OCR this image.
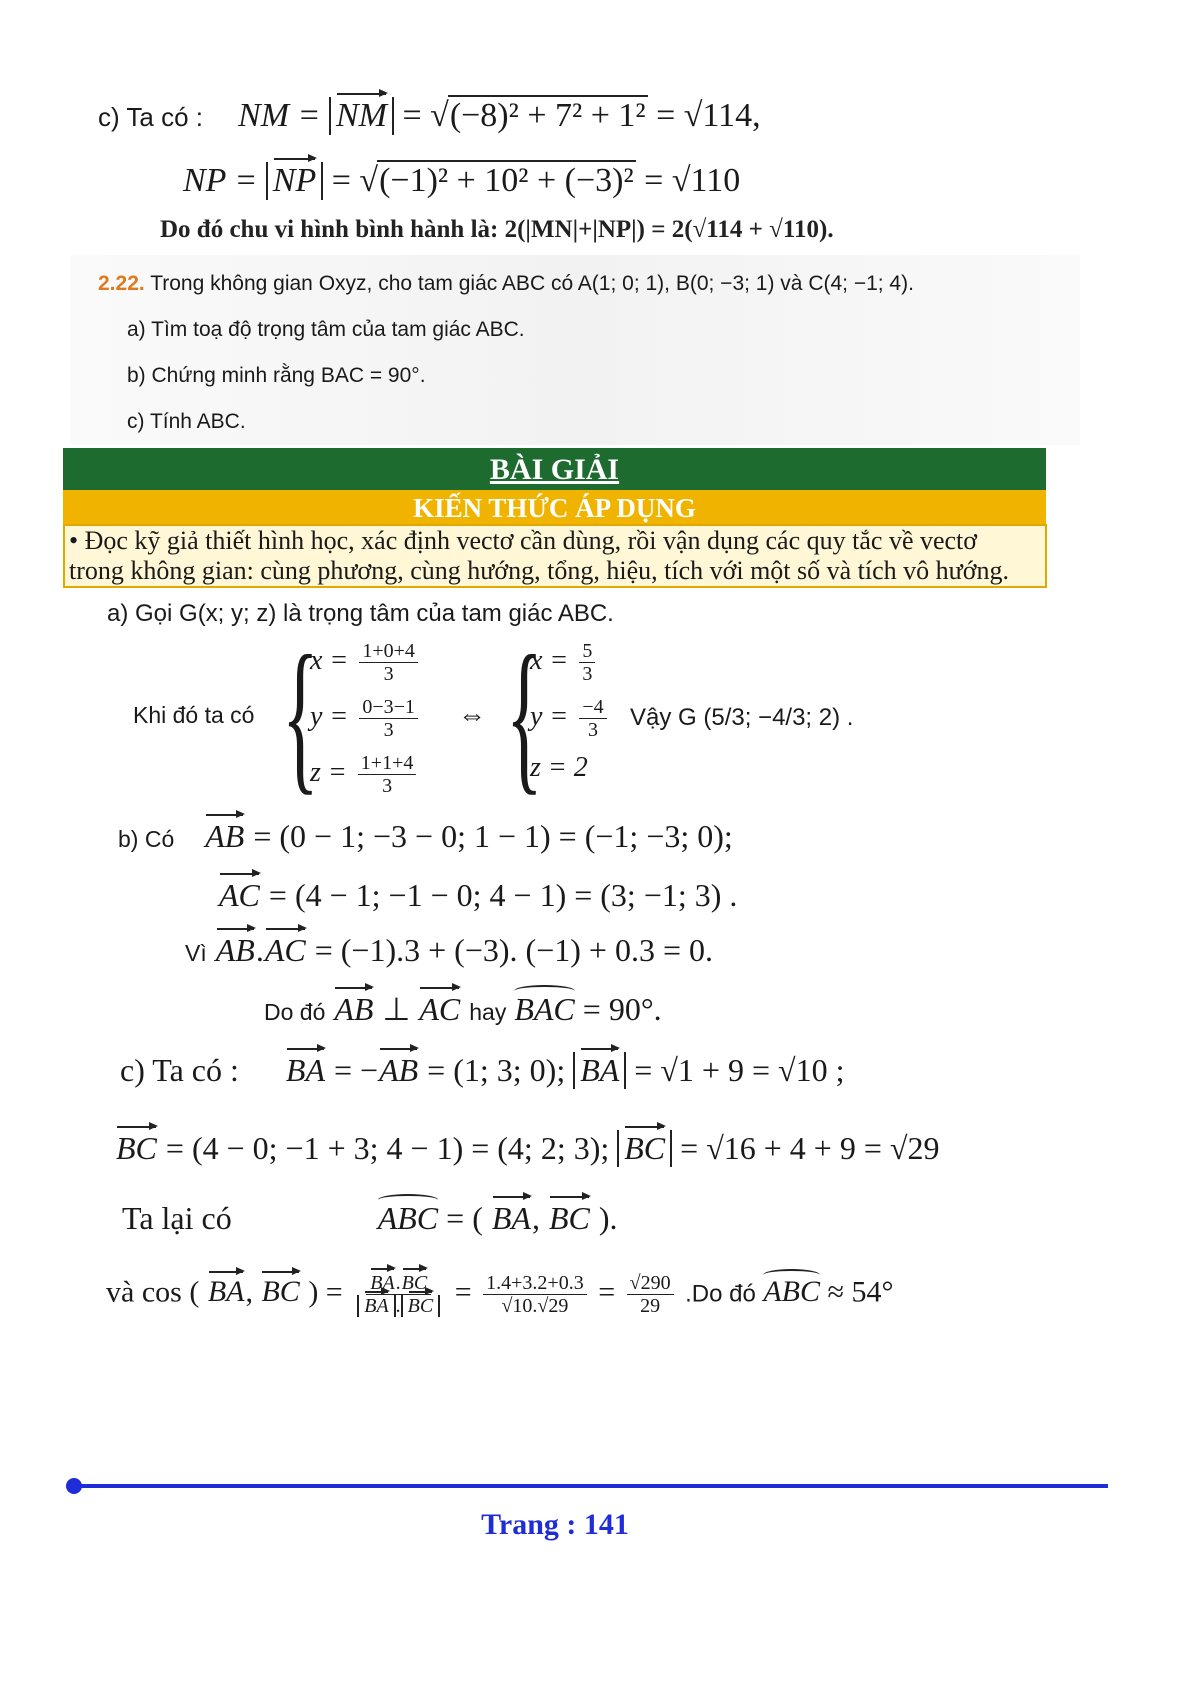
c) Ta có : NM = NM = √(−8)² + 7² + 1² = √114,
NP = NP = √(−1)² + 10² + (−3)² = √110
Do đó chu vi hình bình hành là: 2(|MN|+|NP|) = 2(√114 + √110).
2.22. Trong không gian Oxyz, cho tam giác ABC có A(1; 0; 1), B(0; −3; 1) và C(4; −1; 4).
a) Tìm toạ độ trọng tâm của tam giác ABC.
b) Chứng minh rằng BAC = 90°.
c) Tính ABC.
BÀI GIẢI
KIẾN THỨC ÁP DỤNG
• Đọc kỹ giả thiết hình học, xác định vectơ cần dùng, rồi vận dụng các quy tắc về vectơ
trong không gian: cùng phương, cùng hướng, tổng, hiệu, tích với một số và tích vô hướng.
a) Gọi G(x; y; z) là trọng tâm của tam giác ABC.
Khi đó ta có {
$x = \frac{1+0+4}{3}$
$y = \frac{0-3-1}{3}$
$z = \frac{1+1+4}{3}$
⇔ {
$x = \frac{5}{3}$
$y = \frac{-4}{3}$
z = 2
Vậy G (5/3; −4/3; 2) .
b) Có AB = (0 − 1; −3 − 0; 1 − 1) = (−1; −3; 0);
AC = (4 − 1; −1 − 0; 4 − 1) = (3; −1; 3) .
Vì AB.AC = (−1).3 + (−3). (−1) + 0.3 = 0.
Do đó AB ⊥ AC hay BAC = 90°.
c) Ta có : BA = −AB = (1; 3; 0); BA = √1 + 9 = √10 ;
BC = (4 − 0; −1 + 3; 4 − 1) = (4; 2; 3); BC = √16 + 4 + 9 = √29
Ta lại có	ABC = ( BA, BC ).
và cos ( BA, BC ) = $\frac{BA.BC}{BA . BC} = \frac{1.4+3.2+0.3}{√10.√29} = \frac{√290}{29} .Do$ đó ABC ≈ 54°
Trang : 141
